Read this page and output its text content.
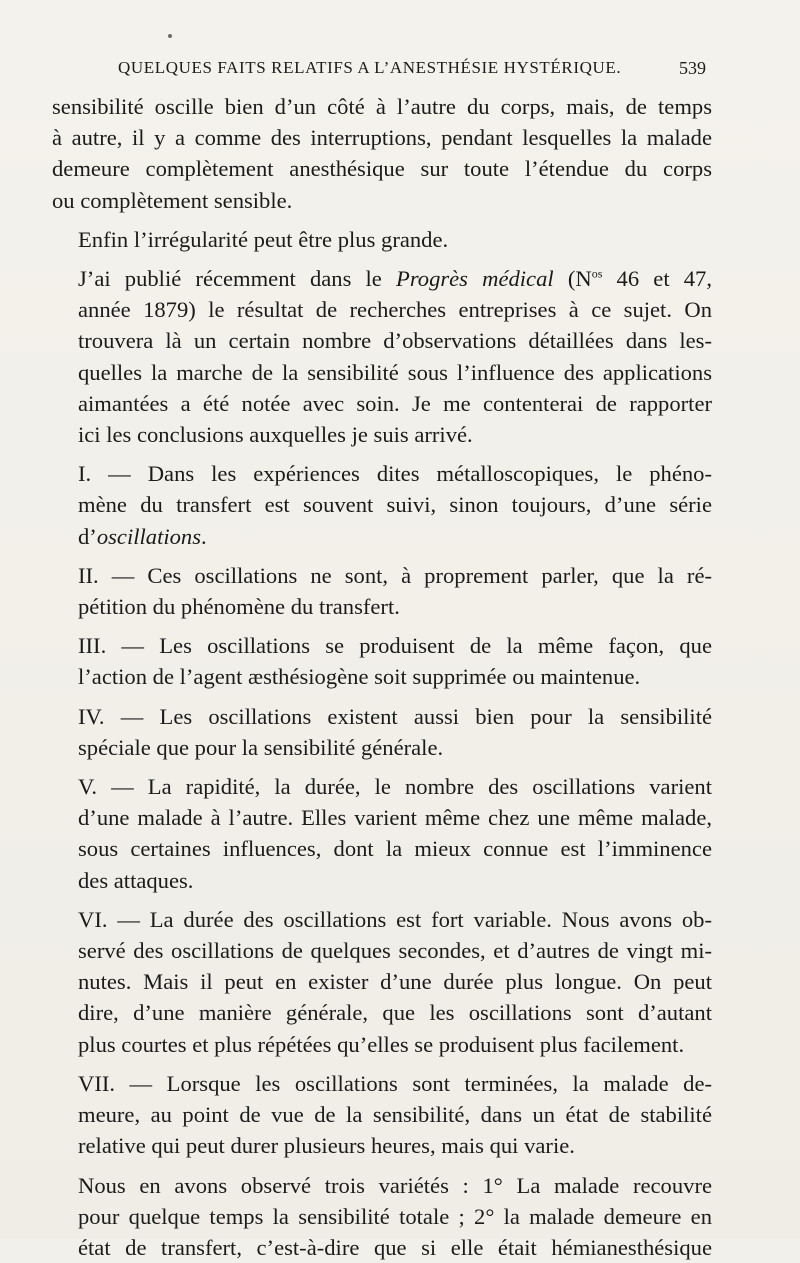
QUELQUES FAITS RELATIFS A L’ANESTHÉSIE HYSTÉRIQUE.	539

sensibilité oscille bien d’un côté à l’autre du corps, mais, de temps
à autre, il y a comme des interruptions, pendant lesquelles la malade
demeure complètement anesthésique sur toute l’étendue du corps
ou complètement sensible.

Enfin l’irrégularité peut être plus grande.

J’ai publié récemment dans le Progrès médical ($N^{os}$ 46 et 47,
année 1879) le résultat de recherches entreprises à ce sujet. On
trouvera là un certain nombre d’observations détaillées dans les-
quelles la marche de la sensibilité sous l’influence des applications
aimantées a été notée avec soin. Je me contenterai de rapporter
ici les conclusions auxquelles je suis arrivé.

I. — Dans les expériences dites métalloscopiques, le phéno-
mène du transfert est souvent suivi, sinon toujours, d’une série
d’oscillations.

II. — Ces oscillations ne sont, à proprement parler, que la ré-
pétition du phénomène du transfert.

III. — Les oscillations se produisent de la même façon, que
l’action de l’agent æsthésiogène soit supprimée ou maintenue.

IV. — Les oscillations existent aussi bien pour la sensibilité
spéciale que pour la sensibilité générale.

V. — La rapidité, la durée, le nombre des oscillations varient
d’une malade à l’autre. Elles varient même chez une même malade,
sous certaines influences, dont la mieux connue est l’imminence
des attaques.

VI. — La durée des oscillations est fort variable. Nous avons ob-
servé des oscillations de quelques secondes, et d’autres de vingt mi-
nutes. Mais il peut en exister d’une durée plus longue. On peut
dire, d’une manière générale, que les oscillations sont d’autant
plus courtes et plus répétées qu’elles se produisent plus facilement.

VII. — Lorsque les oscillations sont terminées, la malade de-
meure, au point de vue de la sensibilité, dans un état de stabilité
relative qui peut durer plusieurs heures, mais qui varie.

Nous en avons observé trois variétés : 1° La malade recouvre
pour quelque temps la sensibilité totale ; 2° la malade demeure en
état de transfert, c’est-à-dire que si elle était hémianesthésique
